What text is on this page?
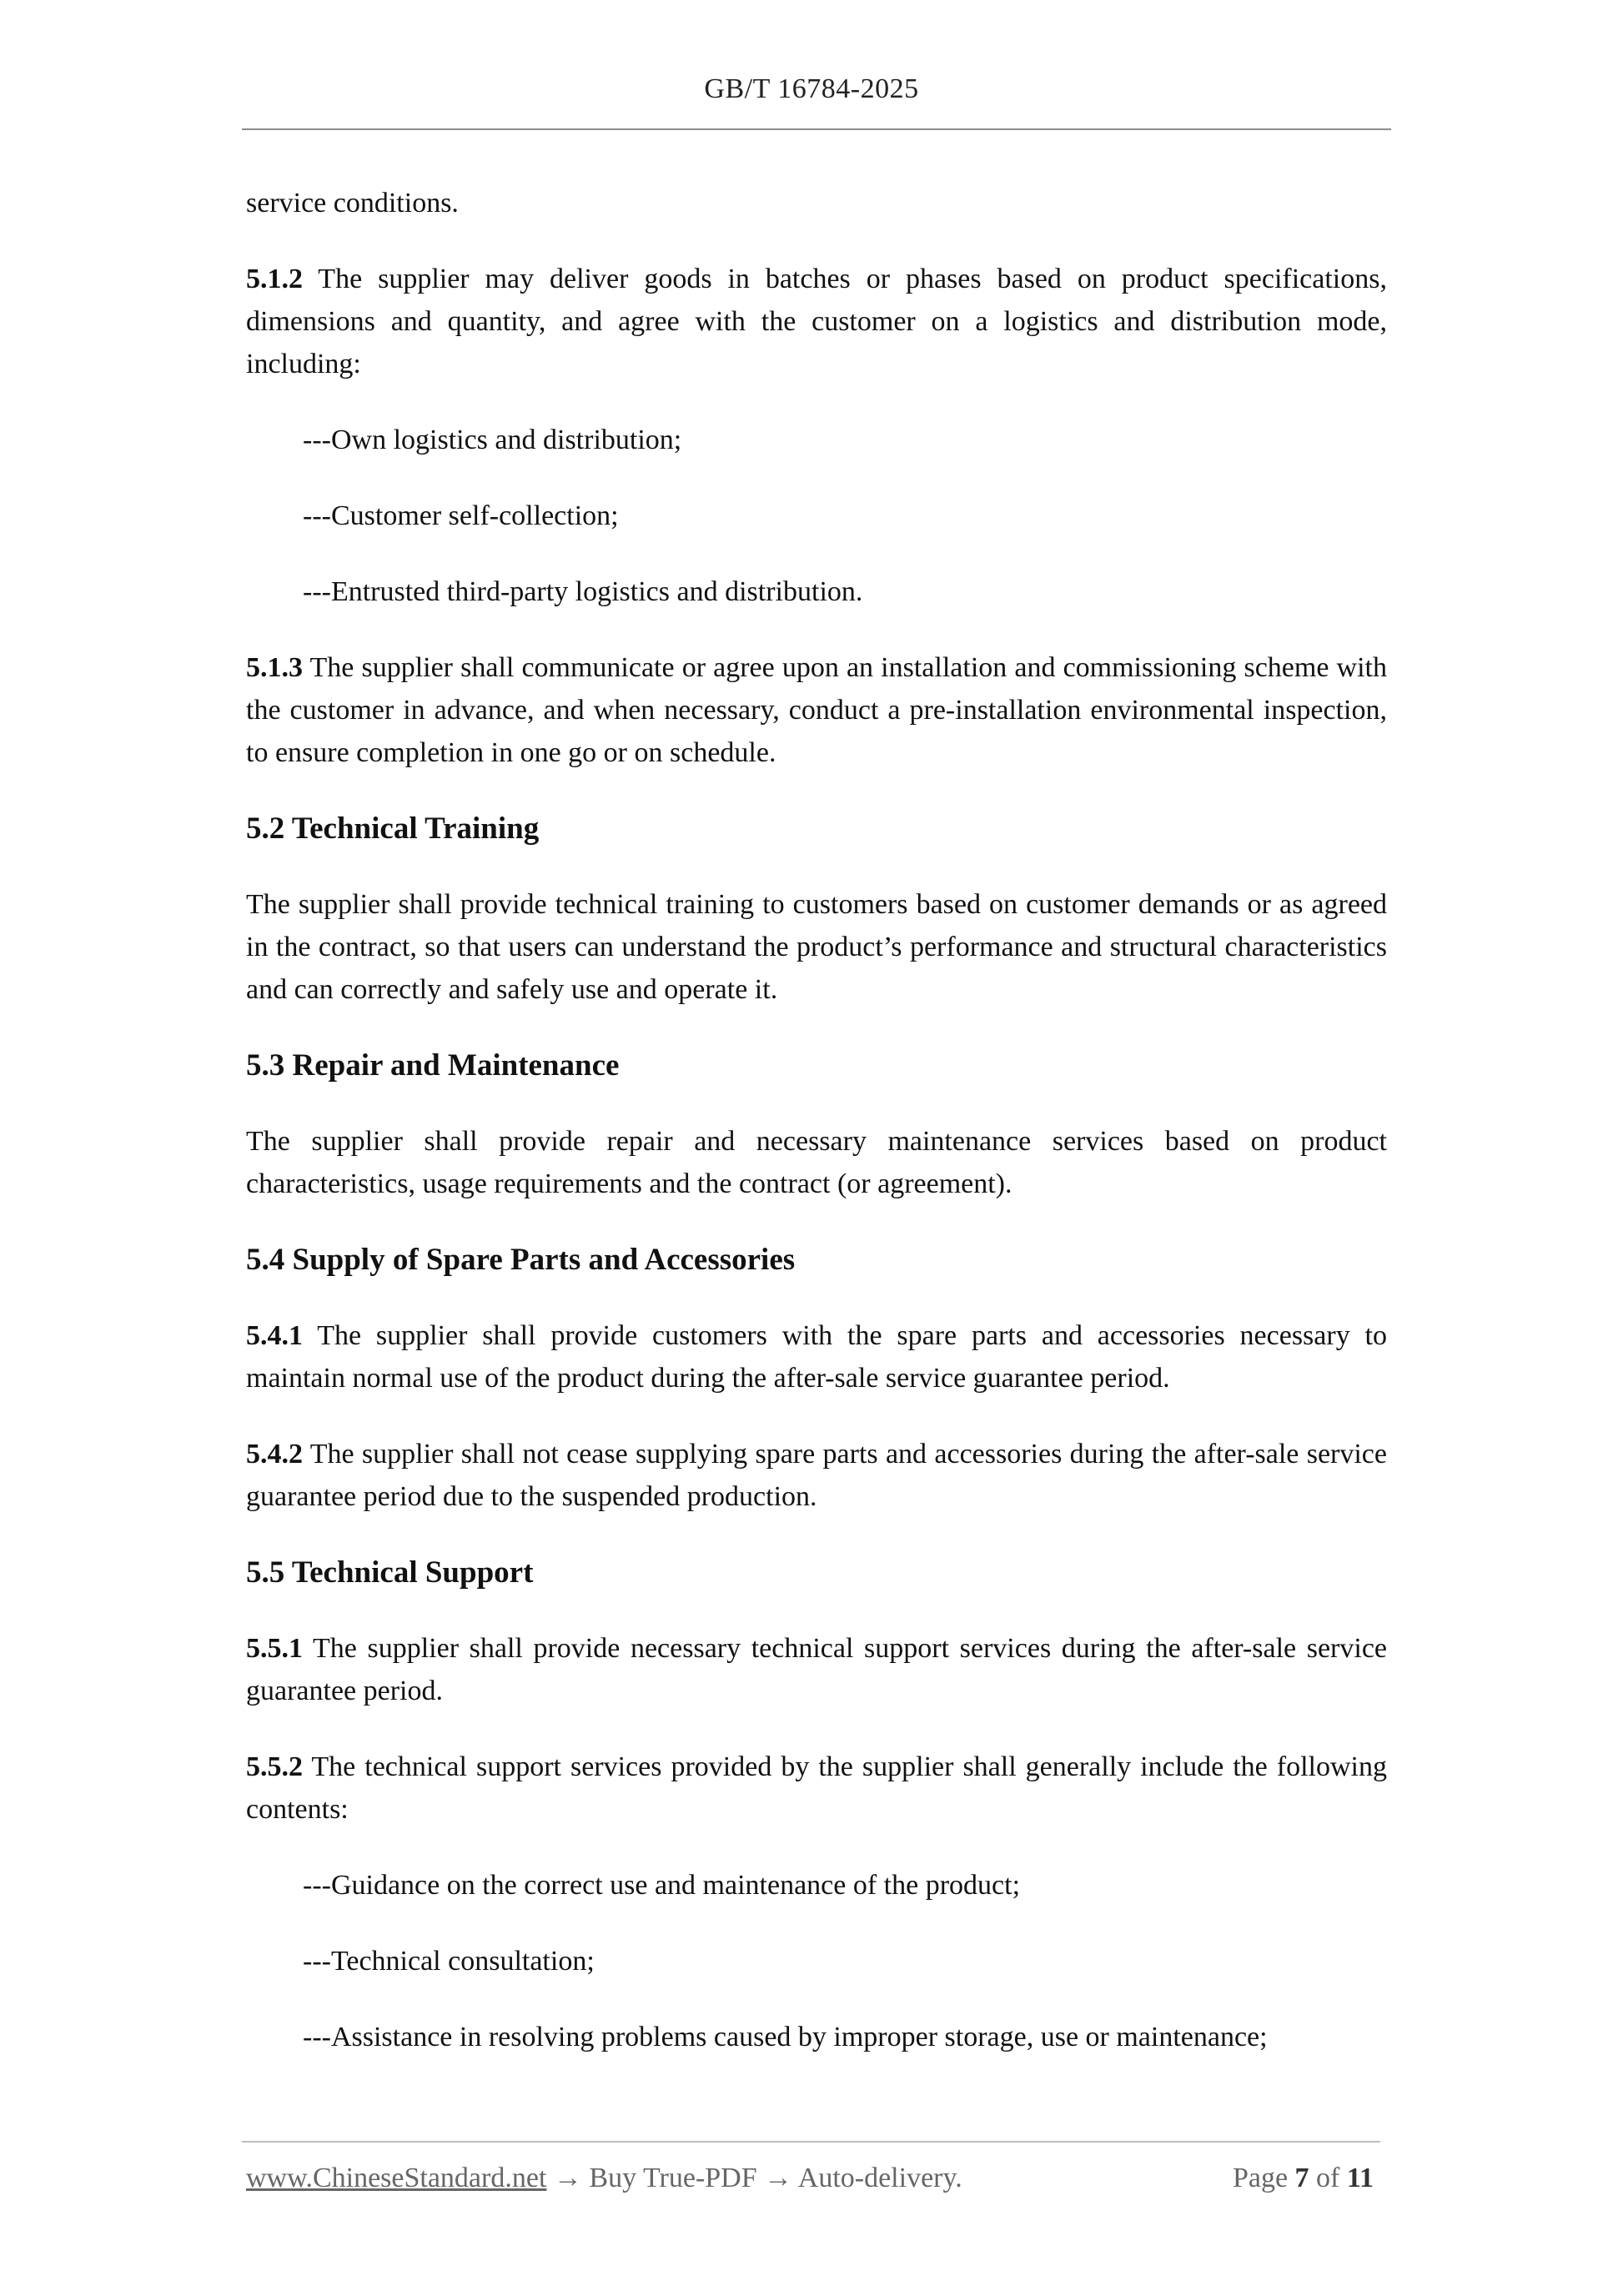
GB/T 16784-2025

service conditions.

5.1.2 The supplier may deliver goods in batches or phases based on product specifications, dimensions and quantity, and agree with the customer on a logistics and distribution mode, including:

---Own logistics and distribution;

---Customer self-collection;

---Entrusted third-party logistics and distribution.

5.1.3 The supplier shall communicate or agree upon an installation and commissioning scheme with the customer in advance, and when necessary, conduct a pre-installation environmental inspection, to ensure completion in one go or on schedule.

5.2 Technical Training

The supplier shall provide technical training to customers based on customer demands or as agreed in the contract, so that users can understand the product’s performance and structural characteristics and can correctly and safely use and operate it.

5.3 Repair and Maintenance

The supplier shall provide repair and necessary maintenance services based on product characteristics, usage requirements and the contract (or agreement).

5.4 Supply of Spare Parts and Accessories

5.4.1 The supplier shall provide customers with the spare parts and accessories necessary to maintain normal use of the product during the after-sale service guarantee period.

5.4.2 The supplier shall not cease supplying spare parts and accessories during the after-sale service guarantee period due to the suspended production.

5.5 Technical Support

5.5.1 The supplier shall provide necessary technical support services during the after-sale service guarantee period.

5.5.2 The technical support services provided by the supplier shall generally include the following contents:

---Guidance on the correct use and maintenance of the product;

---Technical consultation;

---Assistance in resolving problems caused by improper storage, use or maintenance;

www.ChineseStandard.net → Buy True-PDF → Auto-delivery.	Page 7 of 11
